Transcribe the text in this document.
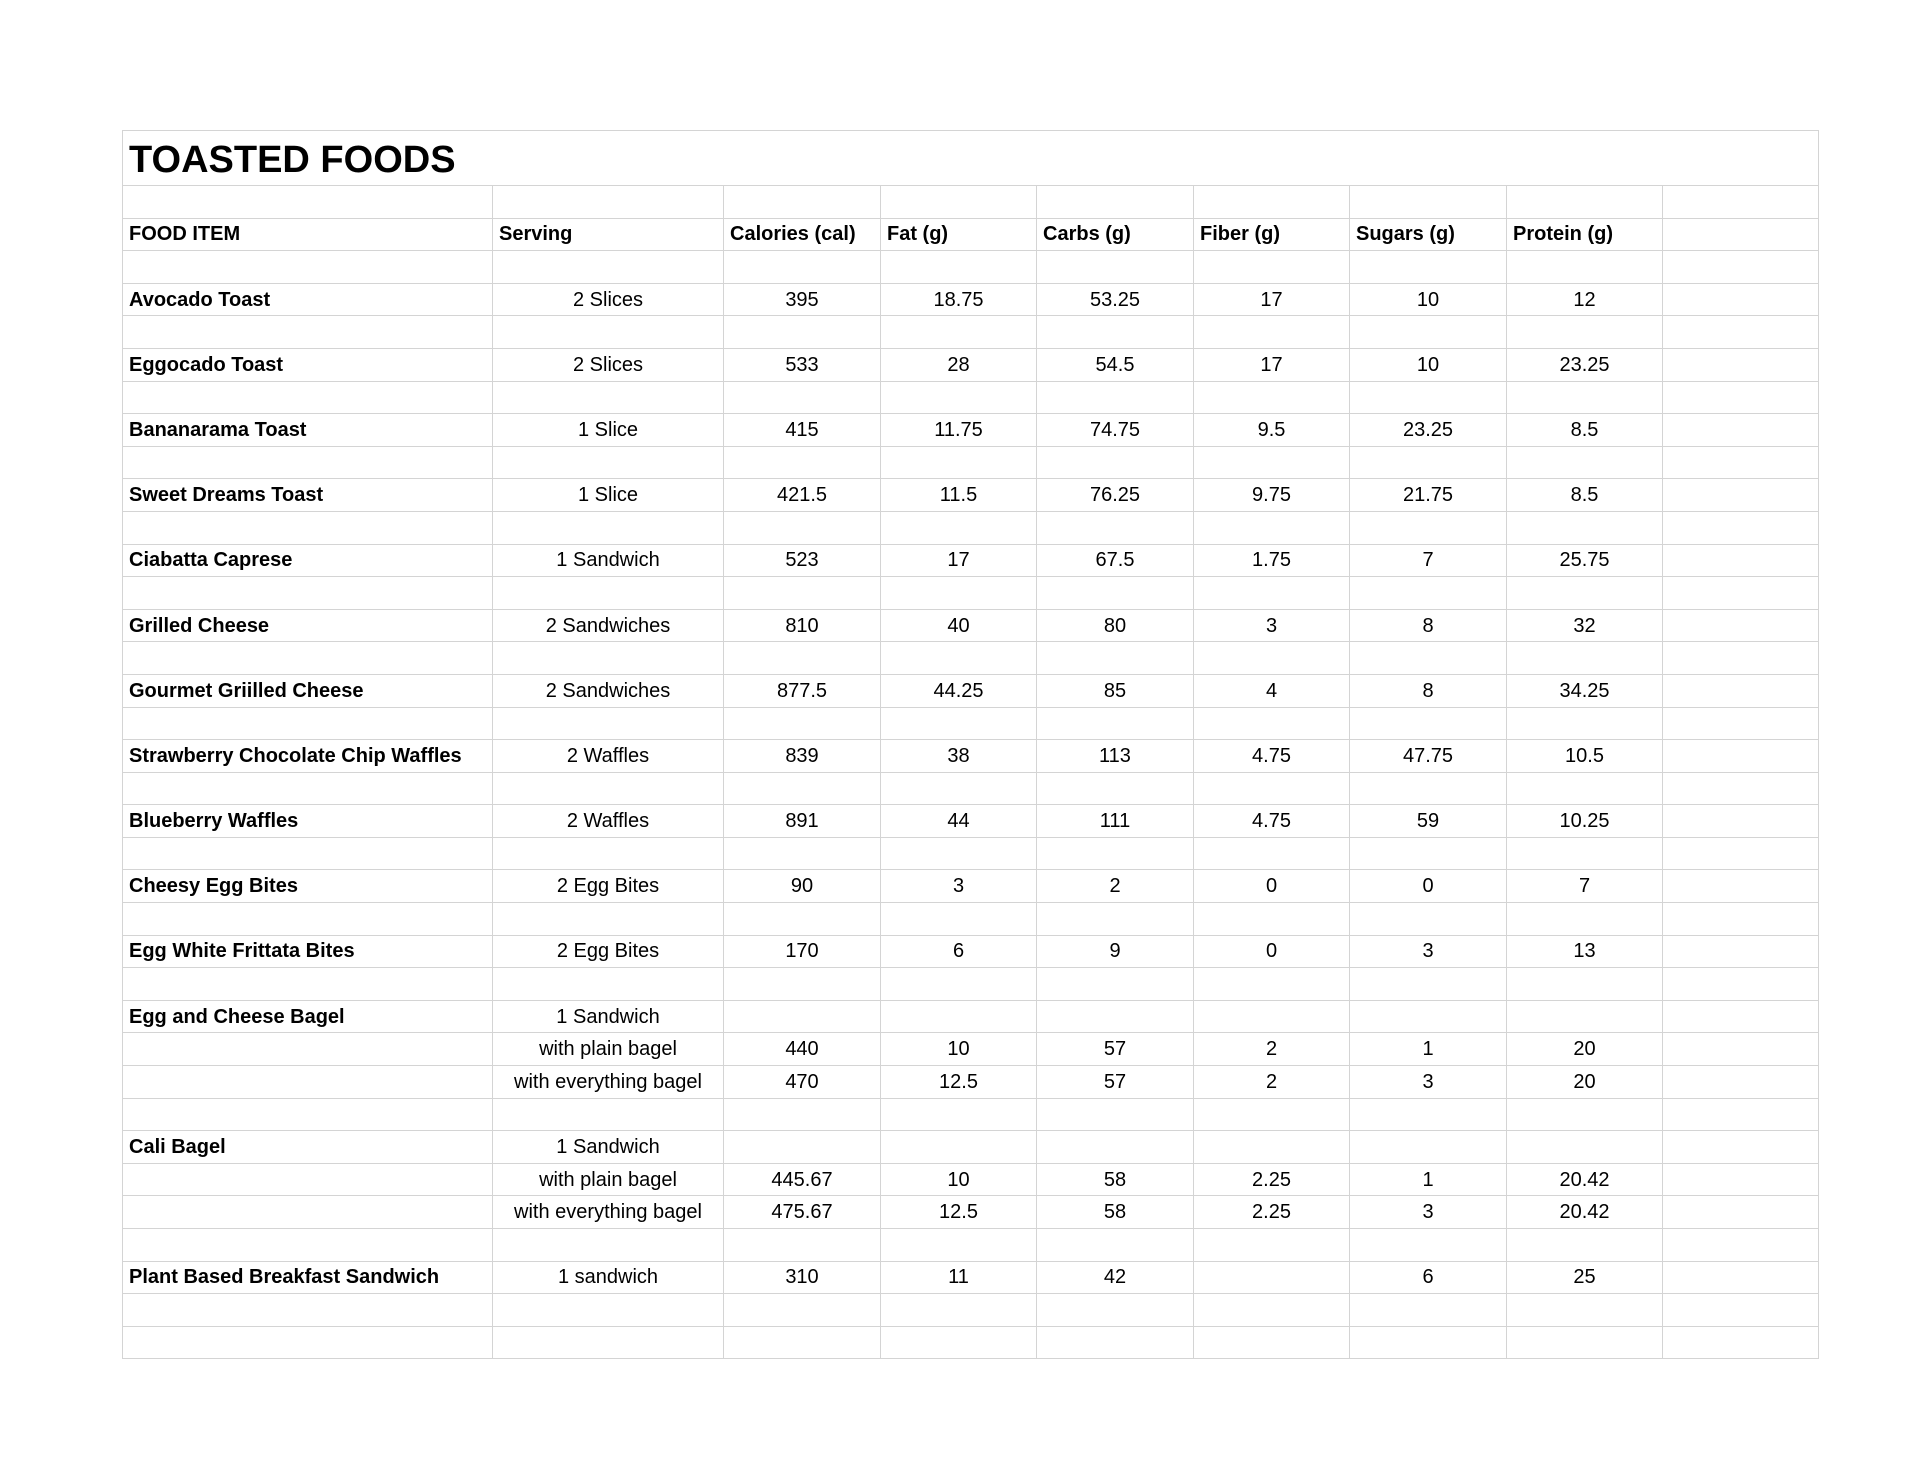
TOASTED FOODS								

FOOD ITEM	Serving	Calories (cal)	Fat (g)	Carbs (g)	Fiber (g)	Sugars (g)	Protein (g)	

Avocado Toast	2 Slices	395	18.75	53.25	17	10	12	

Eggocado Toast	2 Slices	533	28	54.5	17	10	23.25	

Bananarama Toast	1 Slice	415	11.75	74.75	9.5	23.25	8.5	

Sweet Dreams Toast	1 Slice	421.5	11.5	76.25	9.75	21.75	8.5	

Ciabatta Caprese	1 Sandwich	523	17	67.5	1.75	7	25.75	

Grilled Cheese	2 Sandwiches	810	40	80	3	8	32	

Gourmet Griilled Cheese	2 Sandwiches	877.5	44.25	85	4	8	34.25	

Strawberry Chocolate Chip Waffles	2 Waffles	839	38	113	4.75	47.75	10.5	

Blueberry Waffles	2 Waffles	891	44	111	4.75	59	10.25	

Cheesy Egg Bites	2 Egg Bites	90	3	2	0	0	7	

Egg White Frittata Bites	2 Egg Bites	170	6	9	0	3	13	

Egg and Cheese Bagel	1 Sandwich							
	with plain bagel	440	10	57	2	1	20	
	with everything bagel	470	12.5	57	2	3	20	

Cali Bagel	1 Sandwich							
	with plain bagel	445.67	10	58	2.25	1	20.42	
	with everything bagel	475.67	12.5	58	2.25	3	20.42	

Plant Based Breakfast Sandwich	1 sandwich	310	11	42		6	25	
